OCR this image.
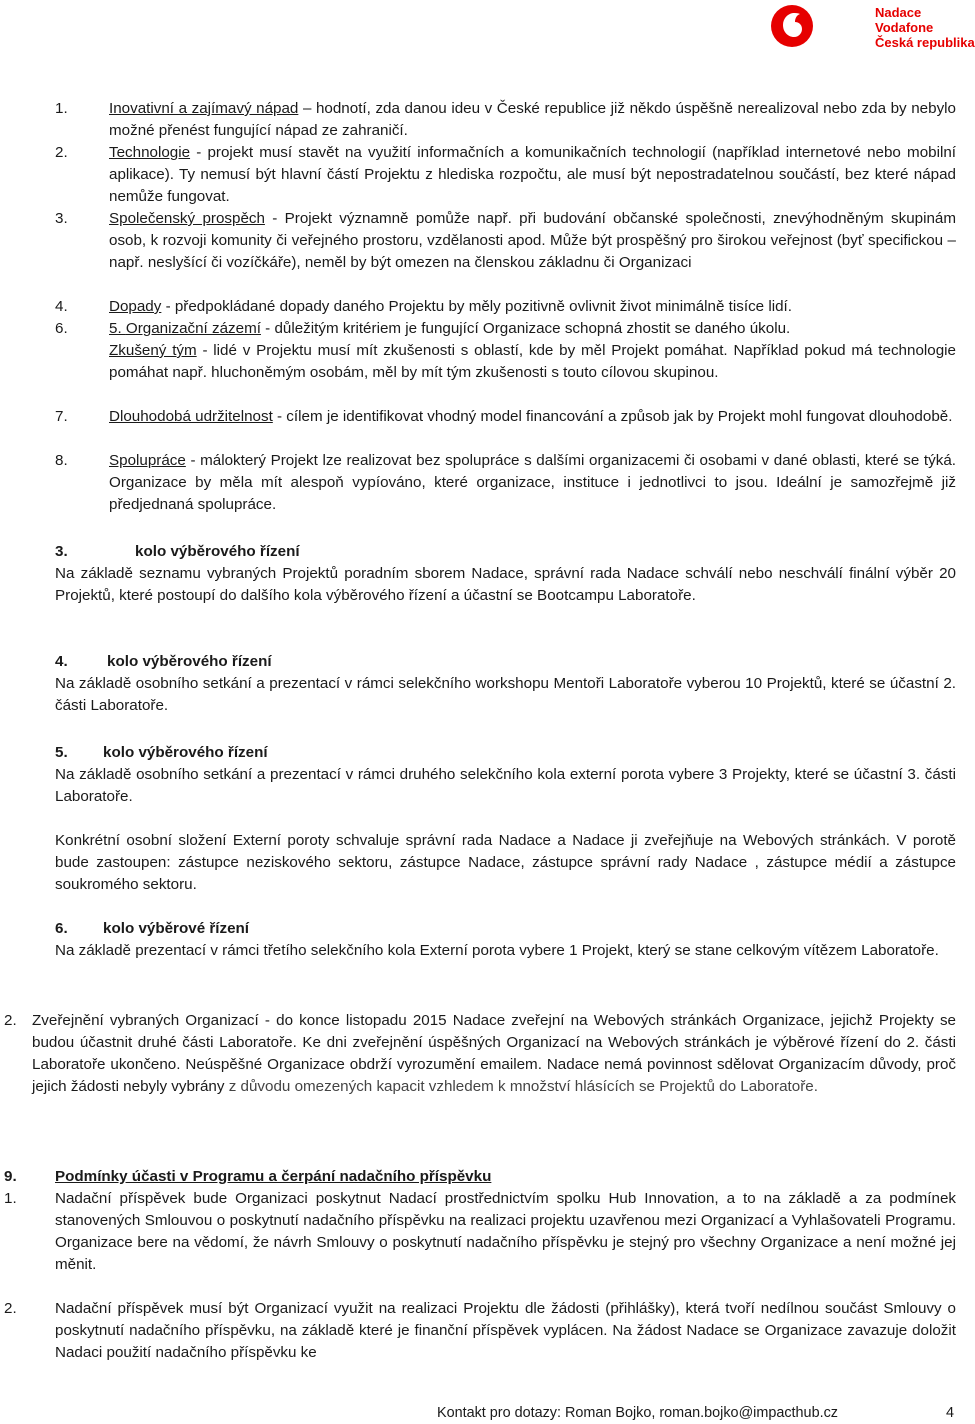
Nadace
Vodafone
Česká republika
1.	Inovativní a zajímavý nápad – hodnotí, zda danou ideu v České republice již někdo úspěšně nerealizoval nebo zda by nebylo možné přenést fungující nápad ze zahraničí.
2.	Technologie - projekt musí stavět na využití informačních a komunikačních technologií (například internetové nebo mobilní aplikace). Ty nemusí být hlavní částí Projektu z hlediska rozpočtu, ale musí být nepostradatelnou součástí, bez které nápad nemůže fungovat.
3.	Společenský prospěch - Projekt významně pomůže např. při budování občanské společnosti, znevýhodněným skupinám osob, k rozvoji komunity či veřejného prostoru, vzdělanosti apod. Může být prospěšný pro širokou veřejnost (byť specifickou – např. neslyšící či vozíčkáře), neměl by být omezen na členskou základnu či Organizaci
4.	Dopady - předpokládané dopady daného Projektu by měly pozitivně ovlivnit život minimálně tisíce lidí.
6.	5. Organizační zázemí - důležitým kritériem je fungující Organizace schopná zhostit se daného úkolu.
Zkušený tým - lidé v Projektu musí mít zkušenosti s oblastí, kde by měl Projekt pomáhat. Například pokud má technologie pomáhat např. hluchoněmým osobám, měl by mít tým zkušenosti s touto cílovou skupinou.
7.	Dlouhodobá udržitelnost - cílem je identifikovat vhodný model financování a způsob jak by Projekt mohl fungovat dlouhodobě.
8.	Spolupráce - málokterý Projekt lze realizovat bez spolupráce s dalšími organizacemi či osobami v dané oblasti, které se týká. Organizace by měla mít alespoň vypíováno, které organizace, instituce i jednotlivci to jsou. Ideální je samozřejmě již předjednaná spolupráce.
3.	kolo výběrového řízení
Na základě seznamu vybraných Projektů poradním sborem Nadace, správní rada Nadace schválí nebo neschválí finální výběr 20 Projektů, které postoupí do dalšího kola výběrového řízení a účastní se Bootcampu Laboratoře.
4.	kolo výběrového řízení
Na základě osobního setkání a prezentací v rámci selekčního workshopu Mentoři Laboratoře vyberou 10 Projektů, které se účastní 2. části Laboratoře.
5. kolo výběrového řízení
Na základě osobního setkání a prezentací v rámci druhého selekčního kola externí porota vybere 3 Projekty, které se účastní 3. části Laboratoře.
Konkrétní osobní složení Externí poroty schvaluje správní rada Nadace a Nadace ji zveřejňuje na Webových stránkách. V porotě bude zastoupen: zástupce neziskového sektoru, zástupce Nadace, zástupce správní rady Nadace , zástupce médií a zástupce soukromého sektoru.
6. kolo výběrové řízení
Na základě prezentací v rámci třetího selekčního kola Externí porota vybere 1 Projekt, který se stane celkovým vítězem Laboratoře.
2. Zveřejnění vybraných Organizací - do konce listopadu 2015 Nadace zveřejní na Webových stránkách Organizace, jejichž Projekty se budou účastnit druhé části Laboratoře. Ke dni zveřejnění úspěšných Organizací na Webových stránkách je výběrové řízení do 2. části Laboratoře ukončeno. Neúspěšné Organizace obdrží vyrozumění emailem. Nadace nemá povinnost sdělovat Organizacím důvody, proč jejich žádosti nebyly vybrány z důvodu omezených kapacit vzhledem k množství hlásících se Projektů do Laboratoře.
9.	Podmínky účasti v Programu a čerpání nadačního příspěvku
1.	Nadační příspěvek bude Organizaci poskytnut Nadací prostřednictvím spolku Hub Innovation, a to na základě a za podmínek stanovených Smlouvou o poskytnutí nadačního příspěvku na realizaci projektu uzavřenou mezi Organizací a Vyhlašovateli Programu. Organizace bere na vědomí, že návrh Smlouvy o poskytnutí nadačního příspěvku je stejný pro všechny Organizace a není možné jej měnit.
2.	Nadační příspěvek musí být Organizací využit na realizaci Projektu dle žádosti (přihlášky), která tvoří nedílnou součást Smlouvy o poskytnutí nadačního příspěvku, na základě které je finanční příspěvek vyplácen. Na žádost Nadace se Organizace zavazuje doložit Nadaci použití nadačního příspěvku ke
Kontakt pro dotazy: Roman Bojko, roman.bojko@impacthub.cz	4
